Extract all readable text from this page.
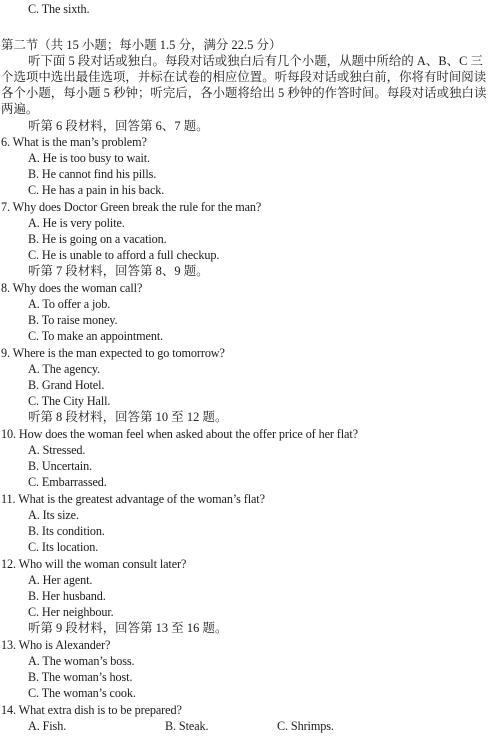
C. The sixth.
第二节（共 15 小题；每小题 1.5 分，满分 22.5 分）
听下面 5 段对话或独白。每段对话或独白后有几个小题，从题中所给的 A、B、C 三
个选项中选出最佳选项，并标在试卷的相应位置。听每段对话或独白前，你将有时间阅读
各个小题，每小题 5 秒钟；听完后，各小题将给出 5 秒钟的作答时间。每段对话或独白读
两遍。
听第 6 段材料，回答第 6、7 题。
6. What is the man’s problem?
A. He is too busy to wait.
B. He cannot find his pills.
C. He has a pain in his back.
7. Why does Doctor Green break the rule for the man?
A. He is very polite.
B. He is going on a vacation.
C. He is unable to afford a full checkup.
听第 7 段材料，回答第 8、9 题。
8. Why does the woman call?
A. To offer a job.
B. To raise money.
C. To make an appointment.
9. Where is the man expected to go tomorrow?
A. The agency.
B. Grand Hotel.
C. The City Hall.
听第 8 段材料，回答第 10 至 12 题。
10. How does the woman feel when asked about the offer price of her flat?
A. Stressed.
B. Uncertain.
C. Embarrassed.
11. What is the greatest advantage of the woman’s flat?
A. Its size.
B. Its condition.
C. Its location.
12. Who will the woman consult later?
A. Her agent.
B. Her husband.
C. Her neighbour.
听第 9 段材料，回答第 13 至 16 题。
13. Who is Alexander?
A. The woman’s boss.
B. The woman’s host.
C. The woman’s cook.
14. What extra dish is to be prepared?
A. Fish.	B. Steak.	C. Shrimps.
